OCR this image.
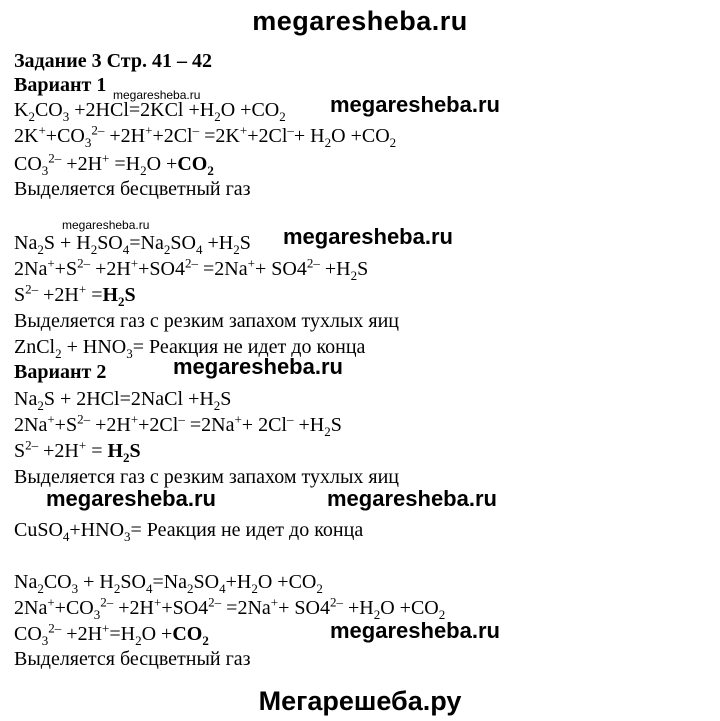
megaresheba.ru
Задание 3 Стр. 41 – 42
Вариант 1
$K_2CO_3 +2HCl=2KCl +H_2O +CO_2$
$2K^++CO_3^{2-} +2H^++2Cl^- =2K^++2Cl^-+ H_2O +CO_2$
$CO_3^{2-} +2H^+ =H_2O +CO_2$
Выделяется бесцветный газ
$Na_2S + H_2SO_4=Na_2SO_4 +H_2S$
$2Na^++S^{2-} +2H^++SO4^{2-} =2Na^++ SO4^{2-} +H_2S$
$S^{2-} +2H^+ =H_2S$
Выделяется газ с резким запахом тухлых яиц
ZnCl$_2$ + $HNO_3=$ Реакция не идет до конца
Вариант 2
$Na_2S$ + 2HCl=2NaCl $+H_2S$
$2Na^++S^{2-} +2H^++2Cl^- =2Na^++ 2Cl^- +H_2S$
$S^{2-} +2H^+ = H_2S$
Выделяется газ с резким запахом тухлых яиц
$CuSO_4+HNO_3=$ Реакция не идет до конца
$Na_2CO_3 + H_2SO_4=Na_2SO_4+H_2O +CO_2$
$2Na^++CO_3^{2-} +2H^++SO4^{2-} =2Na^++ SO4^{2-} +H_2O +CO_2$
$CO_3^{2-} +2H^+=H_2O +CO_2$
Выделяется бесцветный газ
megaresheba.ru	megaresheba.ru
megaresheba.ru	megaresheba.ru
megaresheba.ru
megaresheba.ru	megaresheba.ru
megaresheba.ru
Мегарешеба.ру
